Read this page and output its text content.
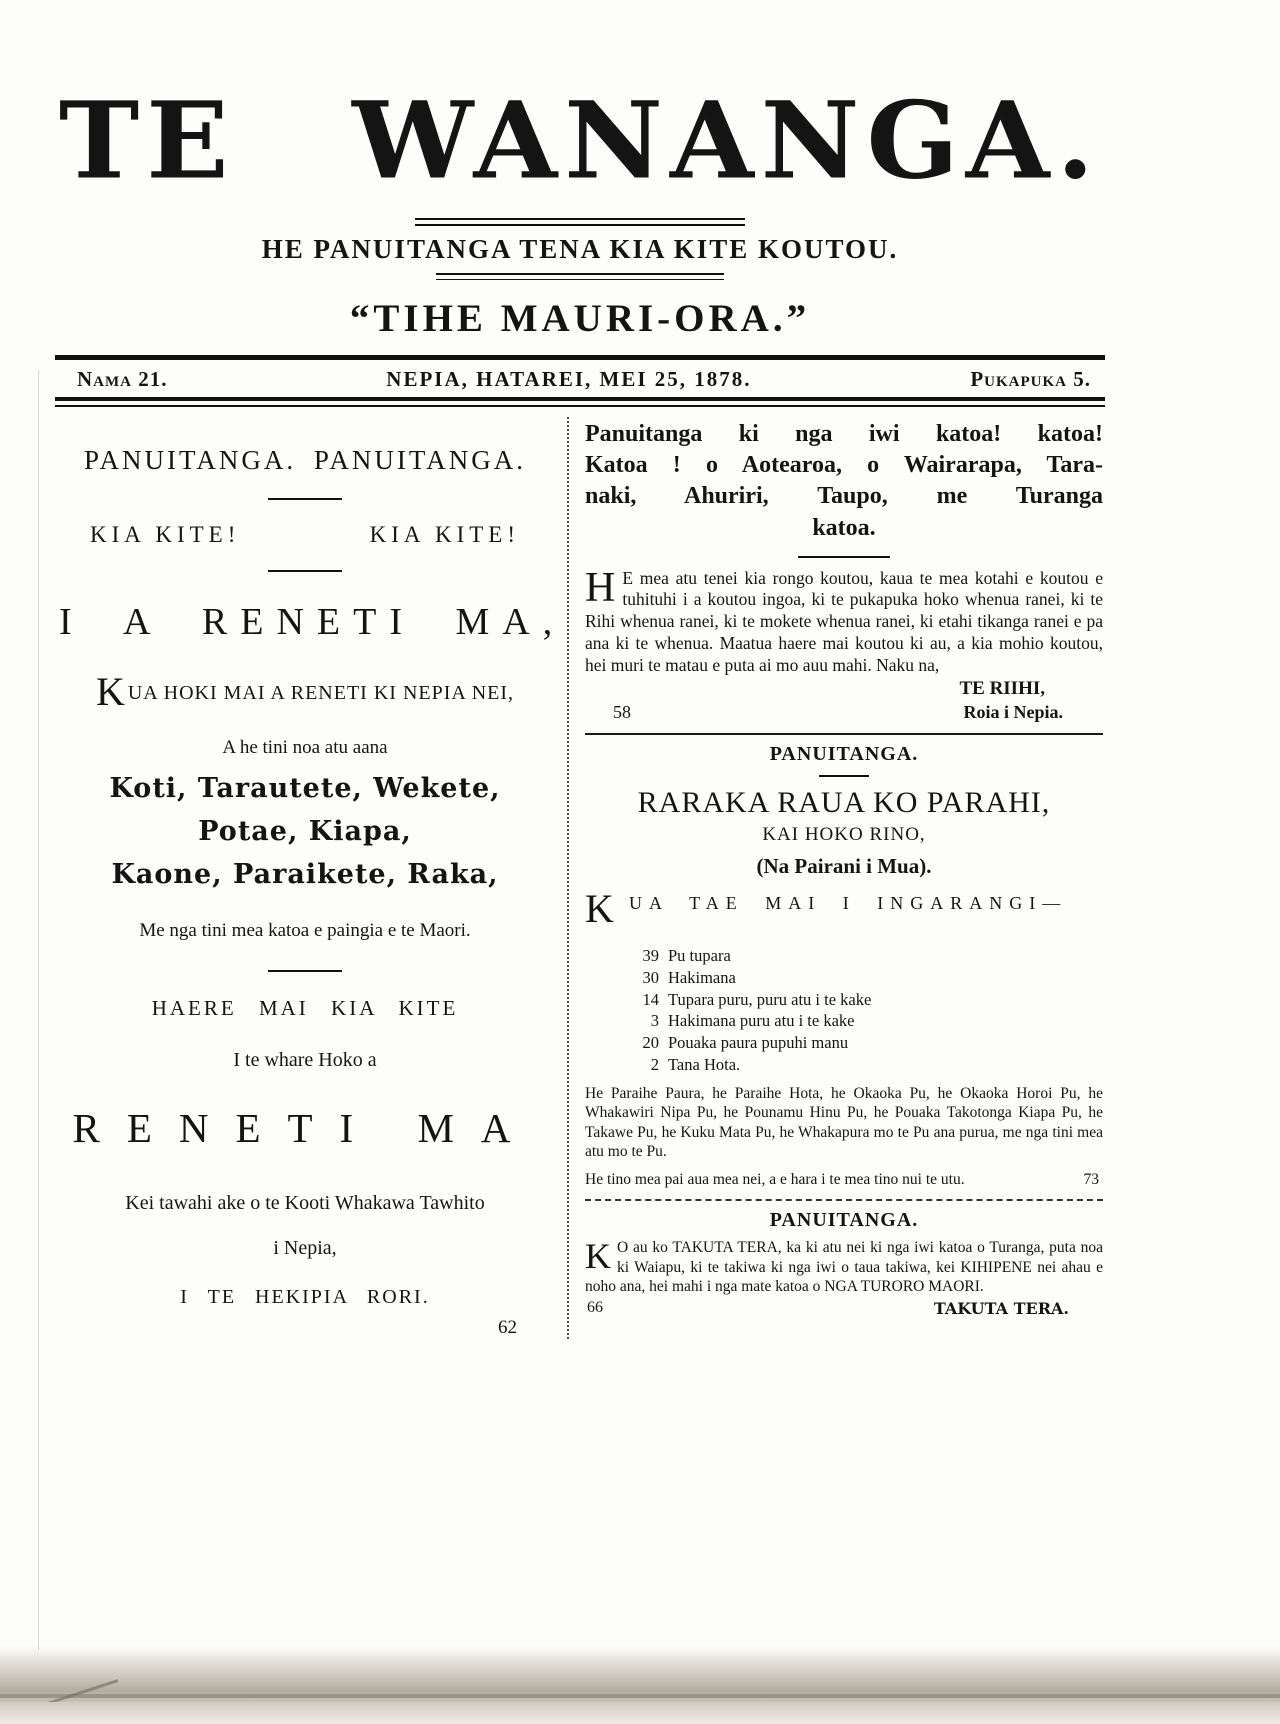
TE WANANGA.
HE PANUITANGA TENA KIA KITE KOUTOU.
“TIHE MAURI-ORA.”
Nama 21.	NEPIA, HATAREI, MEI 25, 1878.	Pukapuka 5.
PANUITANGA. PANUITANGA.
KIA KITE!	KIA KITE!
I A RENETI MA,
KUA HOKI MAI A RENETI KI NEPIA NEI,
A he tini noa atu aana
Koti, Tarautete, Wekete,
Potae, Kiapa,
Kaone, Paraikete, Raka,
Me nga tini mea katoa e paingia e te Maori.
HAERE MAI KIA KITE
I te whare Hoko a
RENETI MA
Kei tawahi ake o te Kooti Whakawa Tawhito
i Nepia,
I TE HEKIPIA RORI.
62
Panuitanga ki nga iwi katoa! katoa!
Katoa ! o Aotearoa, o Wairarapa, Tara-
naki, Ahuriri, Taupo, me Turanga
katoa.
H E mea atu tenei kia rongo koutou, kaua te mea kotahi e koutou e tuhituhi i a koutou ingoa, ki te pukapuka hoko whenua ranei, ki te Rihi whenua ranei, ki te mokete whenua ranei, ki etahi tikanga ranei e pa ana ki te whenua. Maatua haere mai koutou ki au, a kia mohio koutou, hei muri te matau e puta ai mo auu mahi. Naku na,
TE RIIHI,
58	Roia i Nepia.
PANUITANGA.
RARAKA RAUA KO PARAHI,
KAI HOKO RINO,
(Na Pairani i Mua).
K UA TAE MAI I INGARANGI—
39 Pu tupara
30 Hakimana
14 Tupara puru, puru atu i te kake
3 Hakimana puru atu i te kake
20 Pouaka paura pupuhi manu
2 Tana Hota.
He Paraihe Paura, he Paraihe Hota, he Okaoka Pu, he Okaoka Horoi Pu, he Whakawiri Nipa Pu, he Pounamu Hinu Pu, he Pouaka Takotonga Kiapa Pu, he Takawe Pu, he Kuku Mata Pu, he Whakapura mo te Pu ana purua, me nga tini mea atu mo te Pu.
He tino mea pai aua mea nei, a e hara i te mea tino nui te utu.	73
PANUITANGA.
K O au ko TAKUTA TERA, ka ki atu nei ki nga iwi katoa o Turanga, puta noa ki Waiapu, ki te takiwa ki nga iwi o taua takiwa, kei KIHIPENE nei ahau e noho ana, hei mahi i nga mate katoa o NGA TURORO MAORI.
66	TAKUTA TERA.
